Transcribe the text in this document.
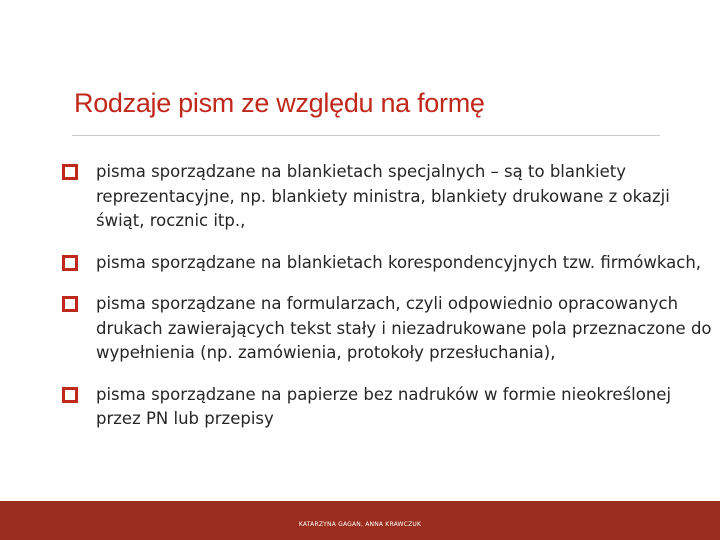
Rodzaje pism ze względu na formę
pisma sporządzane na blankietach specjalnych – są to blankiety reprezentacyjne, np. blankiety ministra, blankiety drukowane z okazji świąt, rocznic itp.,
pisma sporządzane na blankietach korespondencyjnych tzw. firmówkach,
pisma sporządzane na formularzach, czyli odpowiednio opracowanych drukach zawierających tekst stały i niezadrukowane pola przeznaczone do wypełnienia (np. zamówienia, protokoły przesłuchania),
pisma sporządzane na papierze bez nadruków w formie nieokreślonej przez PN lub przepisy
KATARZYNA GAGAN, ANNA KRAWCZUK
